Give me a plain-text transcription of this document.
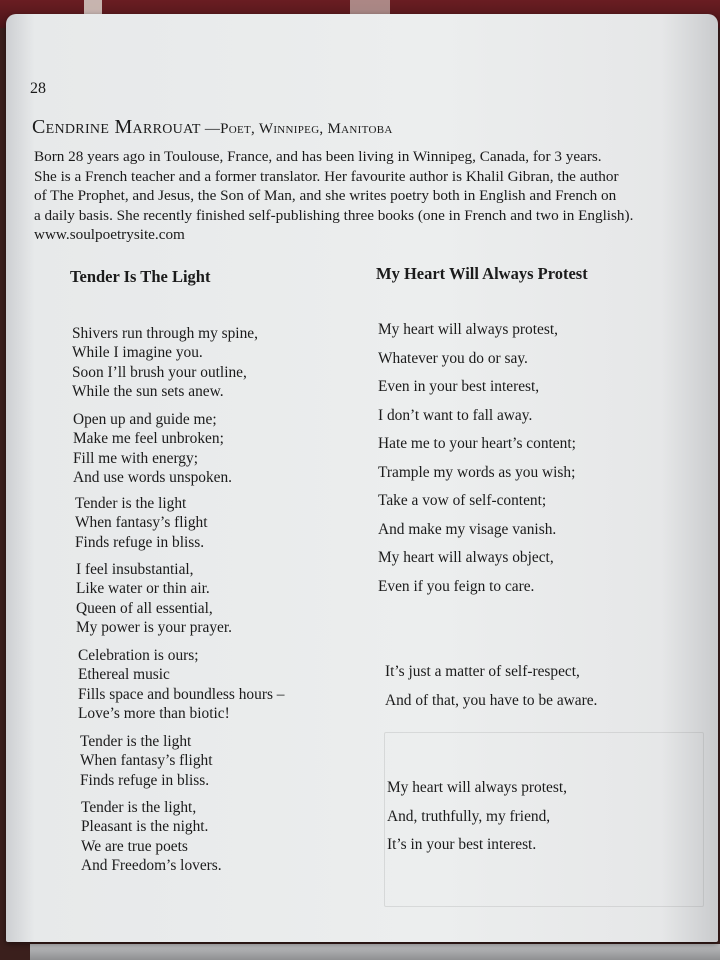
28
Cendrine Marrouat —Poet, Winnipeg, Manitoba

Born 28 years ago in Toulouse, France, and has been living in Winnipeg, Canada, for 3 years.

She is a French teacher and a former translator. Her favourite author is Khalil Gibran, the author

of The Prophet, and Jesus, the Son of Man, and she writes poetry both in English and French on

a daily basis. She recently finished self-publishing three books (one in French and two in English).

www.soulpoetrysite.com

Tender Is The Light
Shivers run through my spine,
While I imagine you.
Soon I’ll brush your outline,
While the sun sets anew.
Open up and guide me;
Make me feel unbroken;
Fill me with energy;
And use words unspoken.
Tender is the light
When fantasy’s flight
Finds refuge in bliss.
I feel insubstantial,
Like water or thin air.
Queen of all essential,
My power is your prayer.
Celebration is ours;
Ethereal music
Fills space and boundless hours –
Love’s more than biotic!
Tender is the light
When fantasy’s flight
Finds refuge in bliss.
Tender is the light,
Pleasant is the night.
We are true poets
And Freedom’s lovers.
My Heart Will Always Protest
My heart will always protest,
Whatever you do or say.
Even in your best interest,
I don’t want to fall away.
Hate me to your heart’s content;
Trample my words as you wish;
Take a vow of self-content;
And make my visage vanish.
My heart will always object,
Even if you feign to care.
It’s just a matter of self-respect,
And of that, you have to be aware.
My heart will always protest,
And, truthfully, my friend,
It’s in your best interest.
